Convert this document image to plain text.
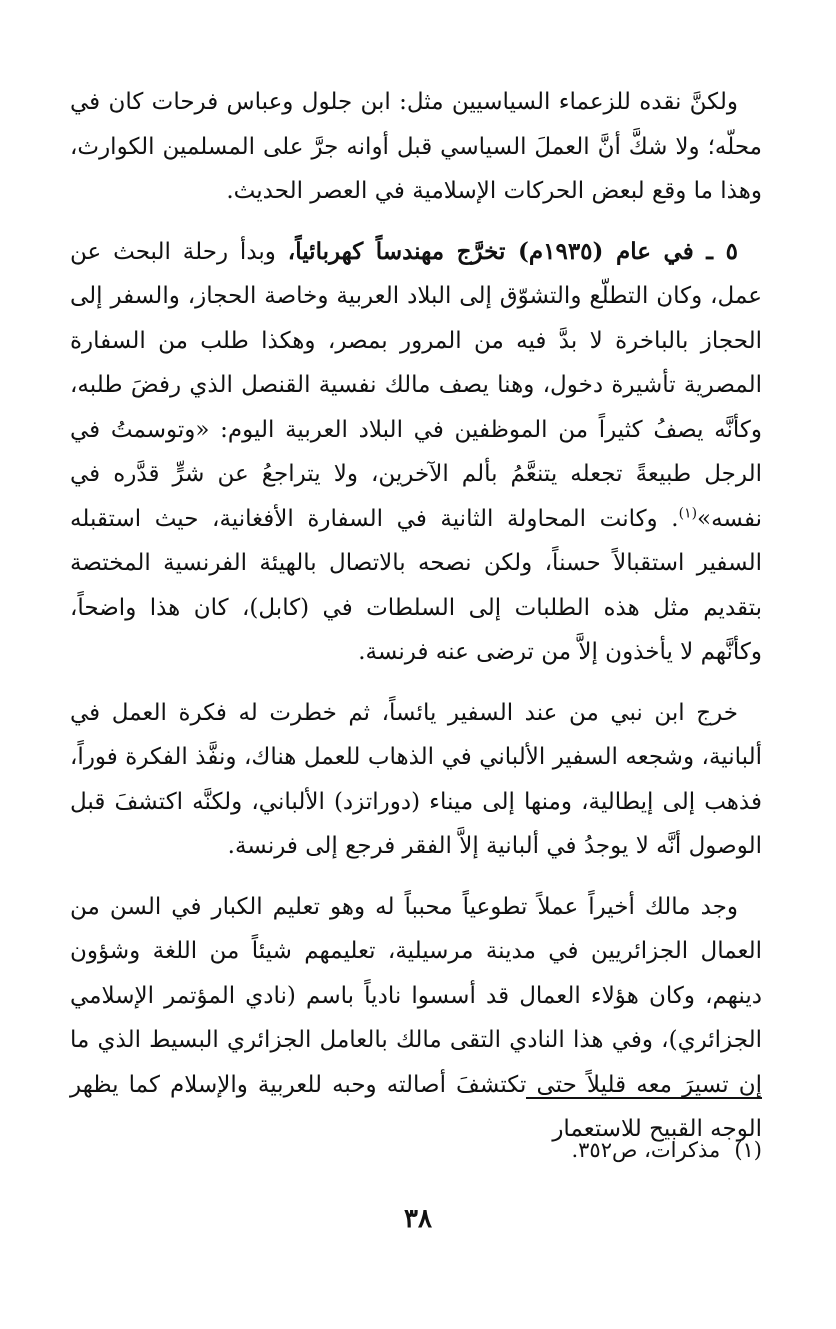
ولكنَّ نقده للزعماء السياسيين مثل: ابن جلول وعباس فرحات كان في محلّه؛ ولا شكَّ أنَّ العملَ السياسي قبل أوانه جرَّ على المسلمين الكوارث، وهذا ما وقع لبعض الحركات الإسلامية في العصر الحديث.

٥ ـ في عام (١٩٣٥م) تخرَّج مهندساً كهربائياً، وبدأ رحلة البحث عن عمل، وكان التطلّع والتشوّق إلى البلاد العربية وخاصة الحجاز، والسفر إلى الحجاز بالباخرة لا بدَّ فيه من المرور بمصر، وهكذا طلب من السفارة المصرية تأشيرة دخول، وهنا يصف مالك نفسية القنصل الذي رفضَ طلبه، وكأنَّه يصفُ كثيراً من الموظفين في البلاد العربية اليوم: «وتوسمتُ في الرجل طبيعةً تجعله يتنعَّمُ بألم الآخرين، ولا يتراجعُ عن شرٍّ قدَّره في نفسه»$^{(١)}$. وكانت المحاولة الثانية في السفارة الأفغانية، حيث استقبله السفير استقبالاً حسناً، ولكن نصحه بالاتصال بالهيئة الفرنسية المختصة بتقديم مثل هذه الطلبات إلى السلطات في (كابل)، كان هذا واضحاً، وكأنَّهم لا يأخذون إلاَّ من ترضى عنه فرنسة.

خرج ابن نبي من عند السفير يائساً، ثم خطرت له فكرة العمل في ألبانية، وشجعه السفير الألباني في الذهاب للعمل هناك، ونفَّذ الفكرة فوراً، فذهب إلى إيطالية، ومنها إلى ميناء (دوراتزد) الألباني، ولكنَّه اكتشفَ قبل الوصول أنَّه لا يوجدُ في ألبانية إلاَّ الفقر فرجع إلى فرنسة.

وجد مالك أخيراً عملاً تطوعياً محبباً له وهو تعليم الكبار في السن من العمال الجزائريين في مدينة مرسيلية، تعليمهم شيئاً من اللغة وشؤون دينهم، وكان هؤلاء العمال قد أسسوا نادياً باسم (نادي المؤتمر الإسلامي الجزائري)، وفي هذا النادي التقى مالك بالعامل الجزائري البسيط الذي ما إن تسيرَ معه قليلاً حتى تكتشفَ أصالته وحبه للعربية والإسلام كما يظهر الوجه القبيح للاستعمار

(١)مذكرات، ص٣٥٢.
٣٨
